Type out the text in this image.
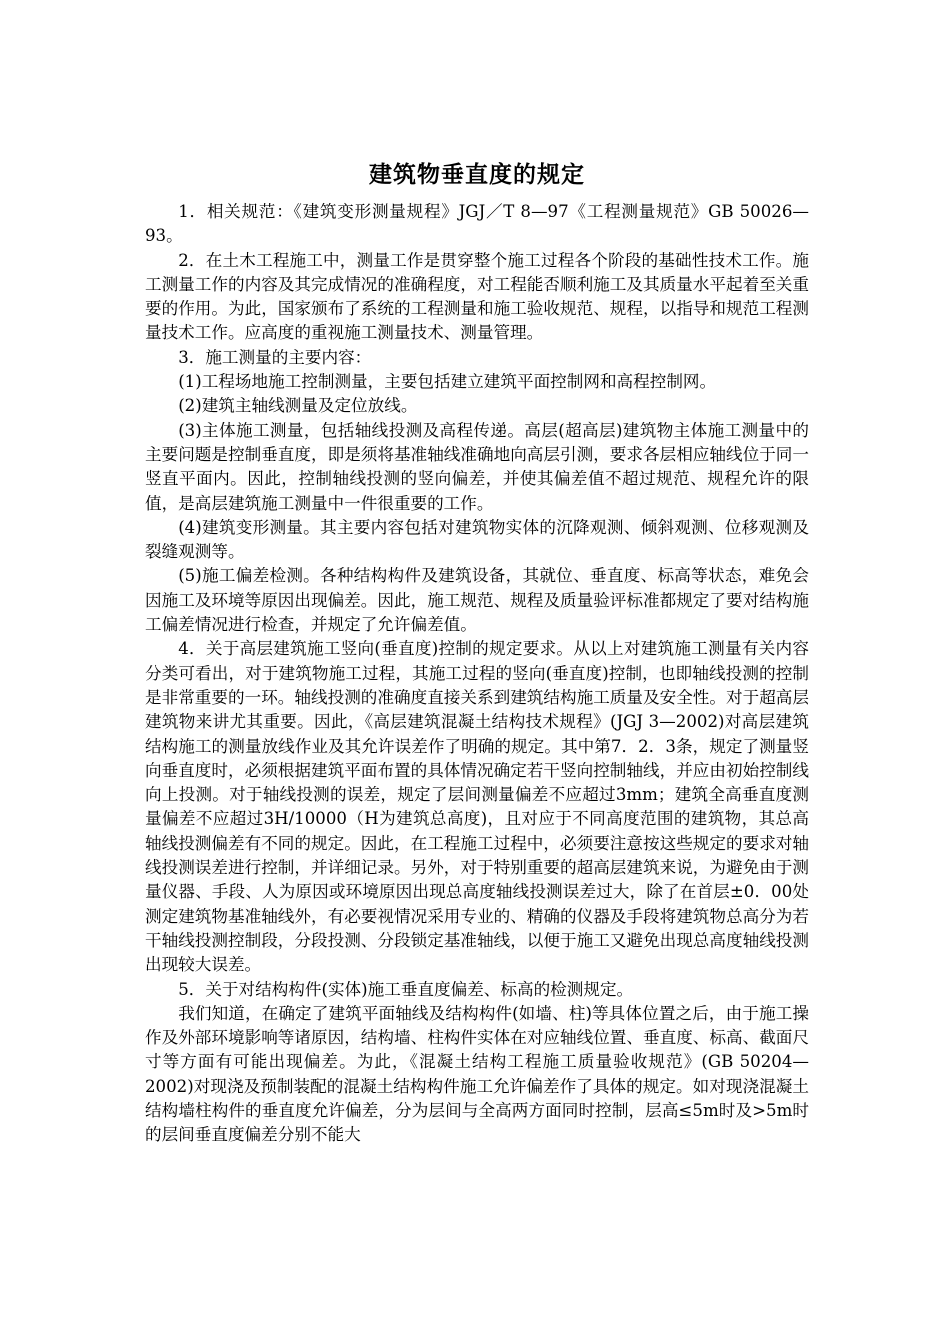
建筑物垂直度的规定

1．相关规范：《建筑变形测量规程》JGJ／T 8—97《工程测量规范》GB 50026—93。

2．在土木工程施工中，测量工作是贯穿整个施工过程各个阶段的基础性技术工作。施工测量工作的内容及其完成情况的准确程度，对工程能否顺利施工及其质量水平起着至关重要的作用。为此，国家颁布了系统的工程测量和施工验收规范、规程，以指导和规范工程测量技术工作。应高度的重视施工测量技术、测量管理。

3．施工测量的主要内容：

(1)工程场地施工控制测量，主要包括建立建筑平面控制网和高程控制网。

(2)建筑主轴线测量及定位放线。

(3)主体施工测量，包括轴线投测及高程传递。高层(超高层)建筑物主体施工测量中的主要问题是控制垂直度，即是须将基准轴线准确地向高层引测，要求各层相应轴线位于同一竖直平面内。因此，控制轴线投测的竖向偏差，并使其偏差值不超过规范、规程允许的限值，是高层建筑施工测量中一件很重要的工作。

(4)建筑变形测量。其主要内容包括对建筑物实体的沉降观测、倾斜观测、位移观测及裂缝观测等。

(5)施工偏差检测。各种结构构件及建筑设备，其就位、垂直度、标高等状态，难免会因施工及环境等原因出现偏差。因此，施工规范、规程及质量验评标准都规定了要对结构施工偏差情况进行检查，并规定了允许偏差值。

4．关于高层建筑施工竖向(垂直度)控制的规定要求。从以上对建筑施工测量有关内容分类可看出，对于建筑物施工过程，其施工过程的竖向(垂直度)控制，也即轴线投测的控制是非常重要的一环。轴线投测的准确度直接关系到建筑结构施工质量及安全性。对于超高层建筑物来讲尤其重要。因此，《高层建筑混凝土结构技术规程》(JGJ 3—2002)对高层建筑结构施工的测量放线作业及其允许误差作了明确的规定。其中第7．2．3条，规定了测量竖向垂直度时，必须根据建筑平面布置的具体情况确定若干竖向控制轴线，并应由初始控制线向上投测。对于轴线投测的误差，规定了层间测量偏差不应超过3mm；建筑全高垂直度测量偏差不应超过3H/10000（H为建筑总高度)，且对应于不同高度范围的建筑物，其总高轴线投测偏差有不同的规定。因此，在工程施工过程中，必须要注意按这些规定的要求对轴线投测误差进行控制，并详细记录。另外，对于特别重要的超高层建筑来说，为避免由于测量仪器、手段、人为原因或环境原因出现总高度轴线投测误差过大，除了在首层±0．00处测定建筑物基准轴线外，有必要视情况采用专业的、精确的仪器及手段将建筑物总高分为若干轴线投测控制段，分段投测、分段锁定基准轴线，以便于施工又避免出现总高度轴线投测出现较大误差。

5．关于对结构构件(实体)施工垂直度偏差、标高的检测规定。

我们知道，在确定了建筑平面轴线及结构构件(如墙、柱)等具体位置之后，由于施工操作及外部环境影响等诸原因，结构墙、柱构件实体在对应轴线位置、垂直度、标高、截面尺寸等方面有可能出现偏差。为此，《混凝土结构工程施工质量验收规范》(GB 50204—2002)对现浇及预制装配的混凝土结构构件施工允许偏差作了具体的规定。如对现浇混凝土结构墙柱构件的垂直度允许偏差，分为层间与全高两方面同时控制，层高≤5m时及>5m时的层间垂直度偏差分别不能大
